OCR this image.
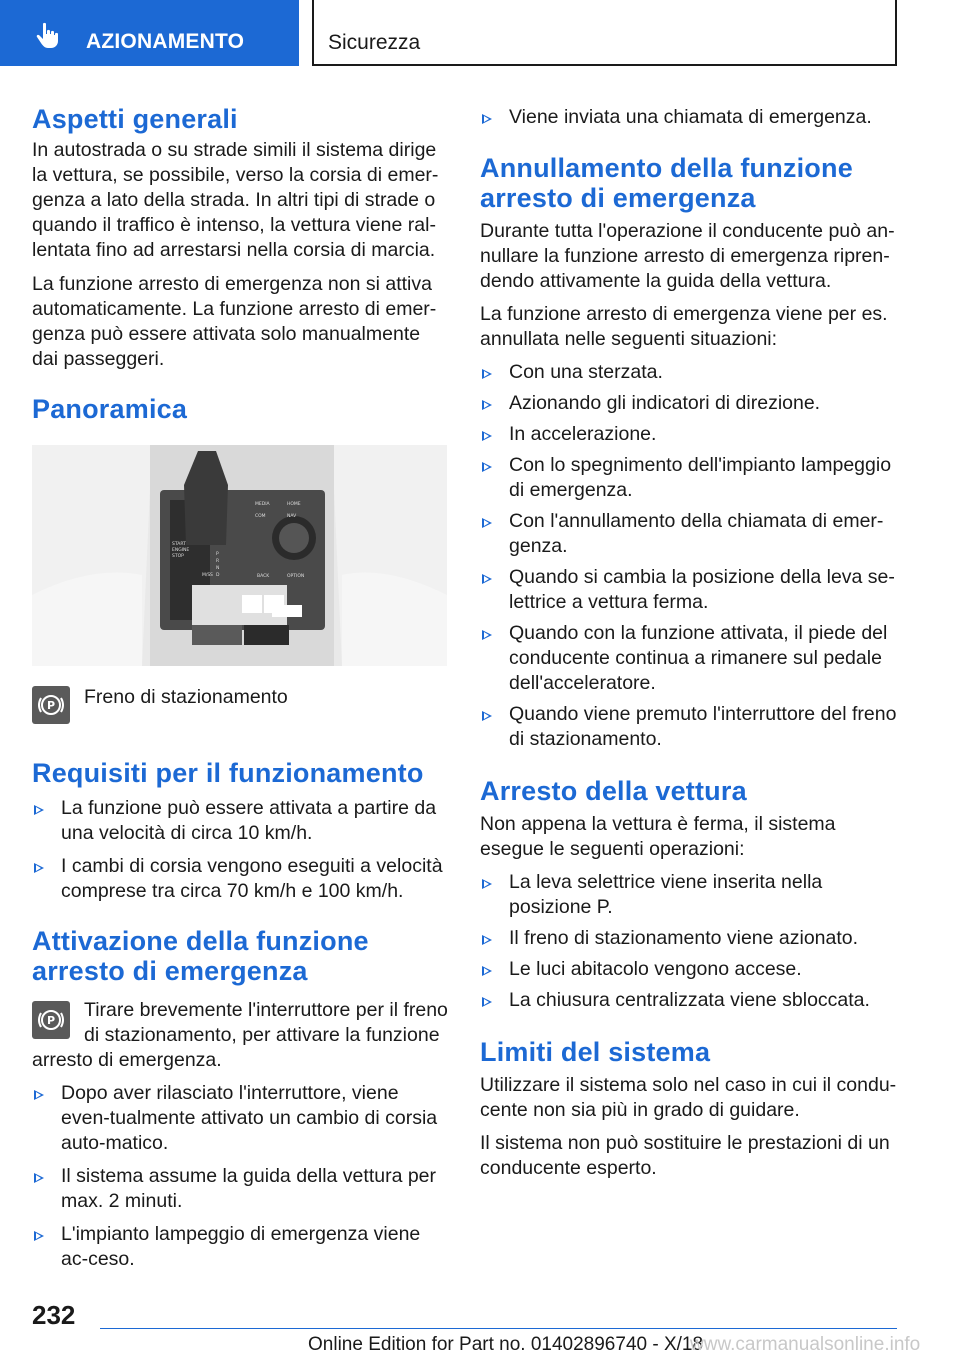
AZIONAMENTO	Sicurezza
Aspetti generali

In autostrada o su strade simili il sistema dirige la vettura, se possibile, verso la corsia di emer-genza a lato della strada. In altri tipi di strade o quando il traffico è intenso, la vettura viene ral-lentata fino ad arrestarsi nella corsia di marcia.

La funzione arresto di emergenza non si attiva automaticamente. La funzione arresto di emer-genza può essere attivata solo manualmente dai passeggeri.

Panoramica
MEDIA	HOME
COM	NAV
BACK	OPTION
START
ENGINE
STOP	P
R
N
D
S
M/S
P Freno di stazionamento
Requisiti per il funzionamento
La funzione può essere attivata a partire da una velocità di circa 10 km/h.
I cambi di corsia vengono eseguiti a velocità comprese tra circa 70 km/h e 100 km/h.
Attivazione della funzione arresto di emergenza
P	Tirare brevemente l'interruttore per il freno di stazionamento, per attivare la funzione arresto di emergenza.

Dopo aver rilasciato l'interruttore, viene even-tualmente attivato un cambio di corsia auto-matico.
Il sistema assume la guida della vettura per max. 2 minuti.
L'impianto lampeggio di emergenza viene ac-ceso.
Viene inviata una chiamata di emergenza.
Annullamento della funzione arresto di emergenza

Durante tutta l'operazione il conducente può an-nullare la funzione arresto di emergenza ripren-dendo attivamente la guida della vettura.

La funzione arresto di emergenza viene per es. annullata nelle seguenti situazioni:

Con una sterzata.
Azionando gli indicatori di direzione.
In accelerazione.
Con lo spegnimento dell'impianto lampeggio di emergenza.
Con l'annullamento della chiamata di emer-genza.
Quando si cambia la posizione della leva se-lettrice a vettura ferma.
Quando con la funzione attivata, il piede del conducente continua a rimanere sul pedale dell'acceleratore.
Quando viene premuto l'interruttore del freno di stazionamento.
Arresto della vettura

Non appena la vettura è ferma, il sistema esegue le seguenti operazioni:

La leva selettrice viene inserita nella posizione P.
Il freno di stazionamento viene azionato.
Le luci abitacolo vengono accese.
La chiusura centralizzata viene sbloccata.
Limiti del sistema

Utilizzare il sistema solo nel caso in cui il condu-cente non sia più in grado di guidare.

Il sistema non può sostituire le prestazioni di un conducente esperto.

232
Online Edition for Part no. 01402896740 - X/18
www.carmanualsonline.info
